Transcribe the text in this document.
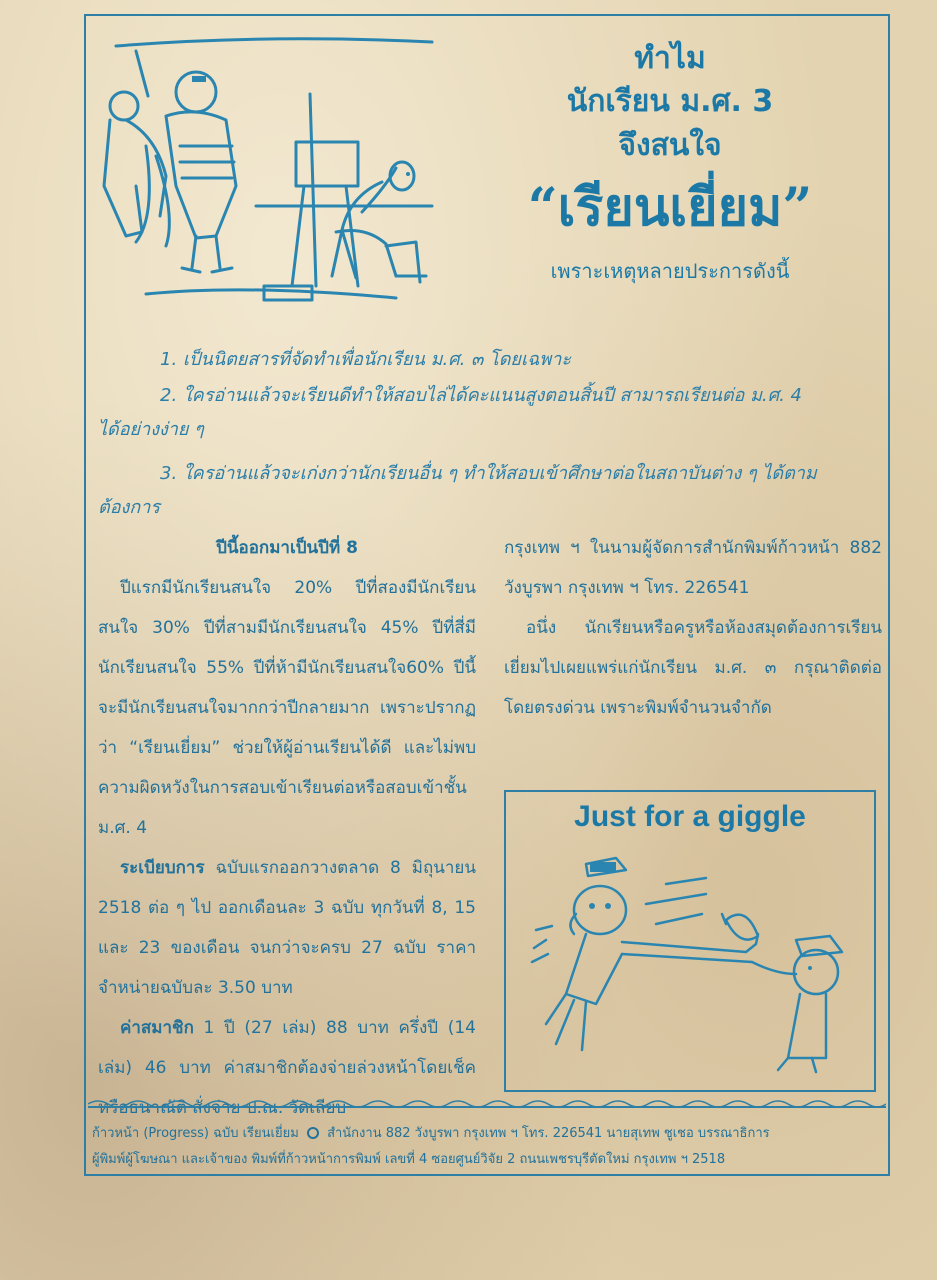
ทำไม
นักเรียน ม.ศ. 3
จึงสนใจ
“เรียนเยี่ยม”
เพราะเหตุหลายประการดังนี้
1. เป็นนิตยสารที่จัดทำเพื่อนักเรียน ม.ศ. ๓ โดยเฉพาะ
2. ใครอ่านแล้วจะเรียนดีทำให้สอบไล่ได้คะแนนสูงตอนสิ้นปี สามารถเรียนต่อ ม.ศ. 4
ได้อย่างง่าย ๆ
3. ใครอ่านแล้วจะเก่งกว่านักเรียนอื่น ๆ ทำให้สอบเข้าศึกษาต่อในสถาบันต่าง ๆ ได้ตาม
ต้องการ
ปีนี้ออกมาเป็นปีที่ 8
ปีแรกมีนักเรียนสนใจ 20% ปีที่สองมีนักเรียนสนใจ 30% ปีที่สามมีนักเรียนสนใจ 45% ปีที่สี่มีนักเรียนสนใจ 55% ปีที่ห้ามีนักเรียนสนใจ60% ปีนี้จะมีนักเรียนสนใจมากกว่าปีกลายมาก เพราะปรากฏว่า “เรียนเยี่ยม” ช่วยให้ผู้อ่านเรียนได้ดี และไม่พบความผิดหวังในการสอบเข้าเรียนต่อหรือสอบเข้าชั้นม.ศ. 4
ระเบียบการ ฉบับแรกออกวางตลาด 8 มิถุนายน 2518 ต่อ ๆ ไป ออกเดือนละ 3 ฉบับ ทุกวันที่ 8, 15 และ 23 ของเดือน จนกว่าจะครบ 27 ฉบับ ราคาจำหน่ายฉบับละ 3.50 บาท
ค่าสมาชิก 1 ปี (27 เล่ม) 88 บาท ครึ่งปี (14 เล่ม) 46 บาท ค่าสมาชิกต้องจ่ายล่วงหน้าโดยเช็คหรือธนาณัติ สั่งจ่าย ป.ณ. วัดเลียบ
กรุงเทพ ฯ ในนามผู้จัดการสำนักพิมพ์ก้าวหน้า 882 วังบูรพา กรุงเทพ ฯ โทร. 226541
อนึ่ง นักเรียนหรือครูหรือห้องสมุดต้องการเรียนเยี่ยมไปเผยแพร่แก่นักเรียน ม.ศ. ๓ กรุณาติดต่อโดยตรงด่วน เพราะพิมพ์จำนวนจำกัด
Just for a giggle
ก้าวหน้า (Progress) ฉบับ เรียนเยี่ยม สำนักงาน 882 วังบูรพา กรุงเทพ ฯ โทร. 226541 นายสุเทพ ชูเชอ บรรณาธิการ
ผู้พิมพ์ผู้โฆษณา และเจ้าของ พิมพ์ที่ก้าวหน้าการพิมพ์ เลขที่ 4 ซอยศูนย์วิจัย 2 ถนนเพชรบุรีตัดใหม่ กรุงเทพ ฯ 2518
